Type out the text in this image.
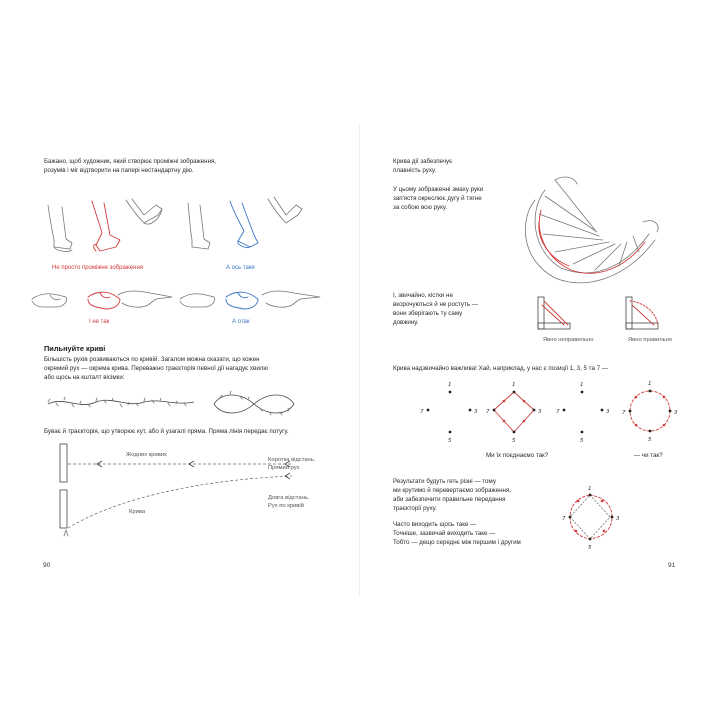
Бажано, щоб художник, який створює проміжні зображення,
розумів і міг відтворити на папері нестандартну дію.
Не просто проміжне зображення	А ось таке
І не так	А отак
Пильнуйте криві
Більшість рухів розвиваються по кривій. Загалом можна сказати, що кожен
окремий рух — окрема крива. Переважно траєкторія певної дії нагадує хвилю
або щось на кшталт вісімки:
Буває й траєкторія, що утворює кут, або й узагалі пряма. Пряма лінія передає потугу.
Жодних кривих
Коротка відстань.
Прямий рух
Довга відстань.
Рух по кривій
Крива
90
Крива дії забезпечує
плавність руху.
У цьому зображенні змаху руки
зап'ястя окреслює дугу й тягне
за собою всю руку.
І, звичайно, кістки не
вкорочуються й не ростуть —
вони зберігають ту саму
довжину.
Явно неправильно	Явно правильно
Крива надзвичайно важлива! Хай, наприклад, у нас є позиції 1, 3, 5 та 7 —
1
7	3
5
1
7	3
5
1
7	3
5
1
7	3
5
Ми їх поєднаємо так?	— чи так?
Результати будуть геть різні — тому
ми крутимо й перевертаємо зображення,
аби забезпечити правильне передання
траєкторії руху.
Часто виходить щось таке —
Точніше, зазвичай виходить таке —
Тобто — дещо середнє між першим і другим
1
7	3
5
91
